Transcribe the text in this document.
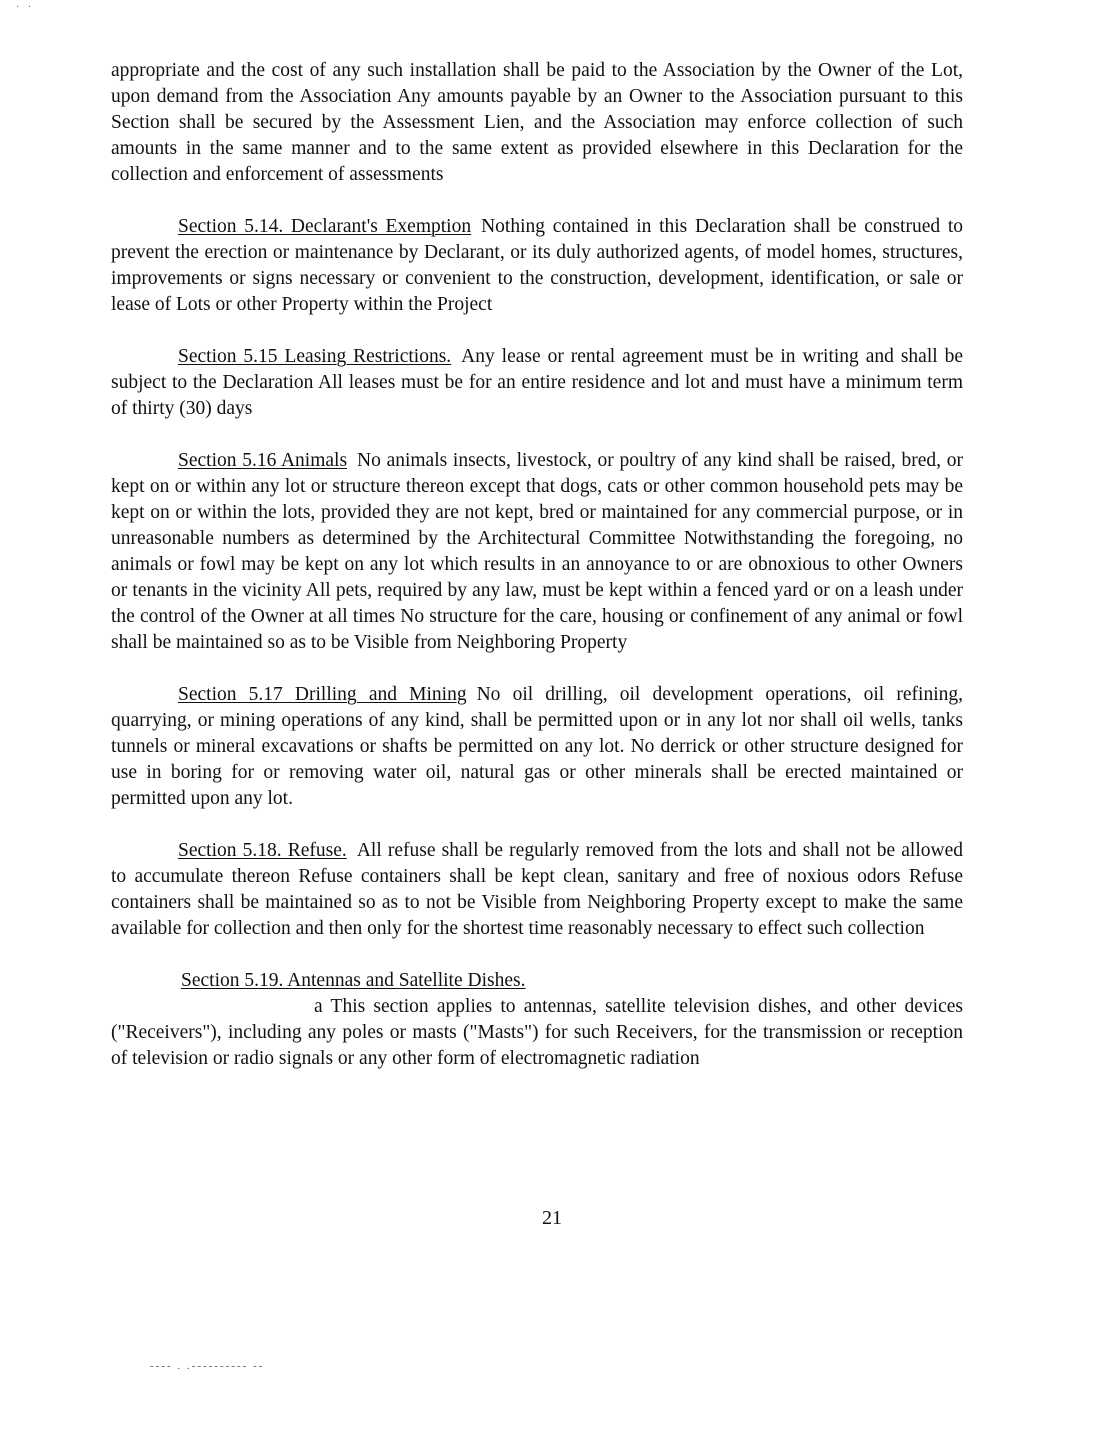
· ·

appropriate and the cost of any such installation shall be paid to the Association by the Owner of the Lot, upon demand from the Association Any amounts payable by an Owner to the Association pursuant to this Section shall be secured by the Assessment Lien, and the Association may enforce collection of such amounts in the same manner and to the same extent as provided elsewhere in this Declaration for the collection and enforcement of assessments

Section 5.14. Declarant's Exemption Nothing contained in this Declaration shall be construed to prevent the erection or maintenance by Declarant, or its duly authorized agents, of model homes, structures, improvements or signs necessary or convenient to the construction, development, identification, or sale or lease of Lots or other Property within the Project

Section 5.15 Leasing Restrictions. Any lease or rental agreement must be in writing and shall be subject to the Declaration All leases must be for an entire residence and lot and must have a minimum term of thirty (30) days

Section 5.16 Animals No animals insects, livestock, or poultry of any kind shall be raised, bred, or kept on or within any lot or structure thereon except that dogs, cats or other common household pets may be kept on or within the lots, provided they are not kept, bred or maintained for any commercial purpose, or in unreasonable numbers as determined by the Architectural Committee Notwithstanding the foregoing, no animals or fowl may be kept on any lot which results in an annoyance to or are obnoxious to other Owners or tenants in the vicinity All pets, required by any law, must be kept within a fenced yard or on a leash under the control of the Owner at all times No structure for the care, housing or confinement of any animal or fowl shall be maintained so as to be Visible from Neighboring Property

Section 5.17 Drilling and Mining No oil drilling, oil development operations, oil refining, quarrying, or mining operations of any kind, shall be permitted upon or in any lot nor shall oil wells, tanks tunnels or mineral excavations or shafts be permitted on any lot. No derrick or other structure designed for use in boring for or removing water oil, natural gas or other minerals shall be erected maintained or permitted upon any lot.

Section 5.18. Refuse. All refuse shall be regularly removed from the lots and shall not be allowed to accumulate thereon Refuse containers shall be kept clean, sanitary and free of noxious odors Refuse containers shall be maintained so as to not be Visible from Neighboring Property except to make the same available for collection and then only for the shortest time reasonably necessary to effect such collection

Section 5.19. Antennas and Satellite Dishes.

a This section applies to antennas, satellite television dishes, and other devices ("Receivers"), including any poles or masts ("Masts") for such Receivers, for the transmission or reception of television or radio signals or any other form of electromagnetic radiation

21
---- . .---------- --
